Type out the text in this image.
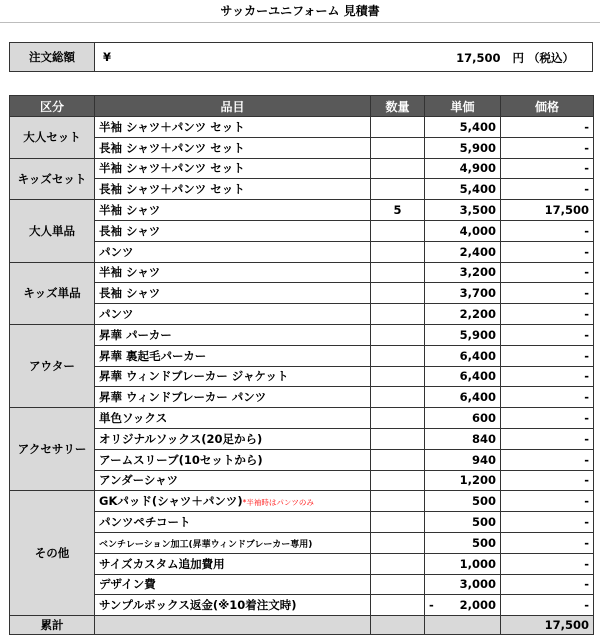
サッカーユニフォーム 見積書
注文総額	¥	17,500 円 （税込）
区分	品目	数量	単価	価格
大人セット	半袖 シャツ＋パンツ セット		5,400	-
	長袖 シャツ＋パンツ セット		5,900	-
キッズセット	半袖 シャツ＋パンツ セット		4,900	-
	長袖 シャツ＋パンツ セット		5,400	-
大人単品	半袖 シャツ	5	3,500	17,500
	長袖 シャツ		4,000	-
	パンツ		2,400	-
キッズ単品	半袖 シャツ		3,200	-
	長袖 シャツ		3,700	-
	パンツ		2,200	-
アウター	昇華 パーカー		5,900	-
	昇華 裏起毛パーカー		6,400	-
	昇華 ウィンドブレーカー ジャケット		6,400	-
	昇華 ウィンドブレーカー パンツ		6,400	-
アクセサリー	単色ソックス		600	-
	オリジナルソックス(20足から)		840	-
	アームスリーブ(10セットから)		940	-
	アンダーシャツ		1,200	-
その他	GKパッド(シャツ＋パンツ)*半袖時はパンツのみ		500	-
	パンツペチコート		500	-
	ベンチレーション加工(昇華ウィンドブレーカー専用)		500	-
	サイズカスタム追加費用		1,000	-
	デザイン費		3,000	-
	サンプルボックス返金(※10着注文時)		- 2,000	-
累計				17,500
